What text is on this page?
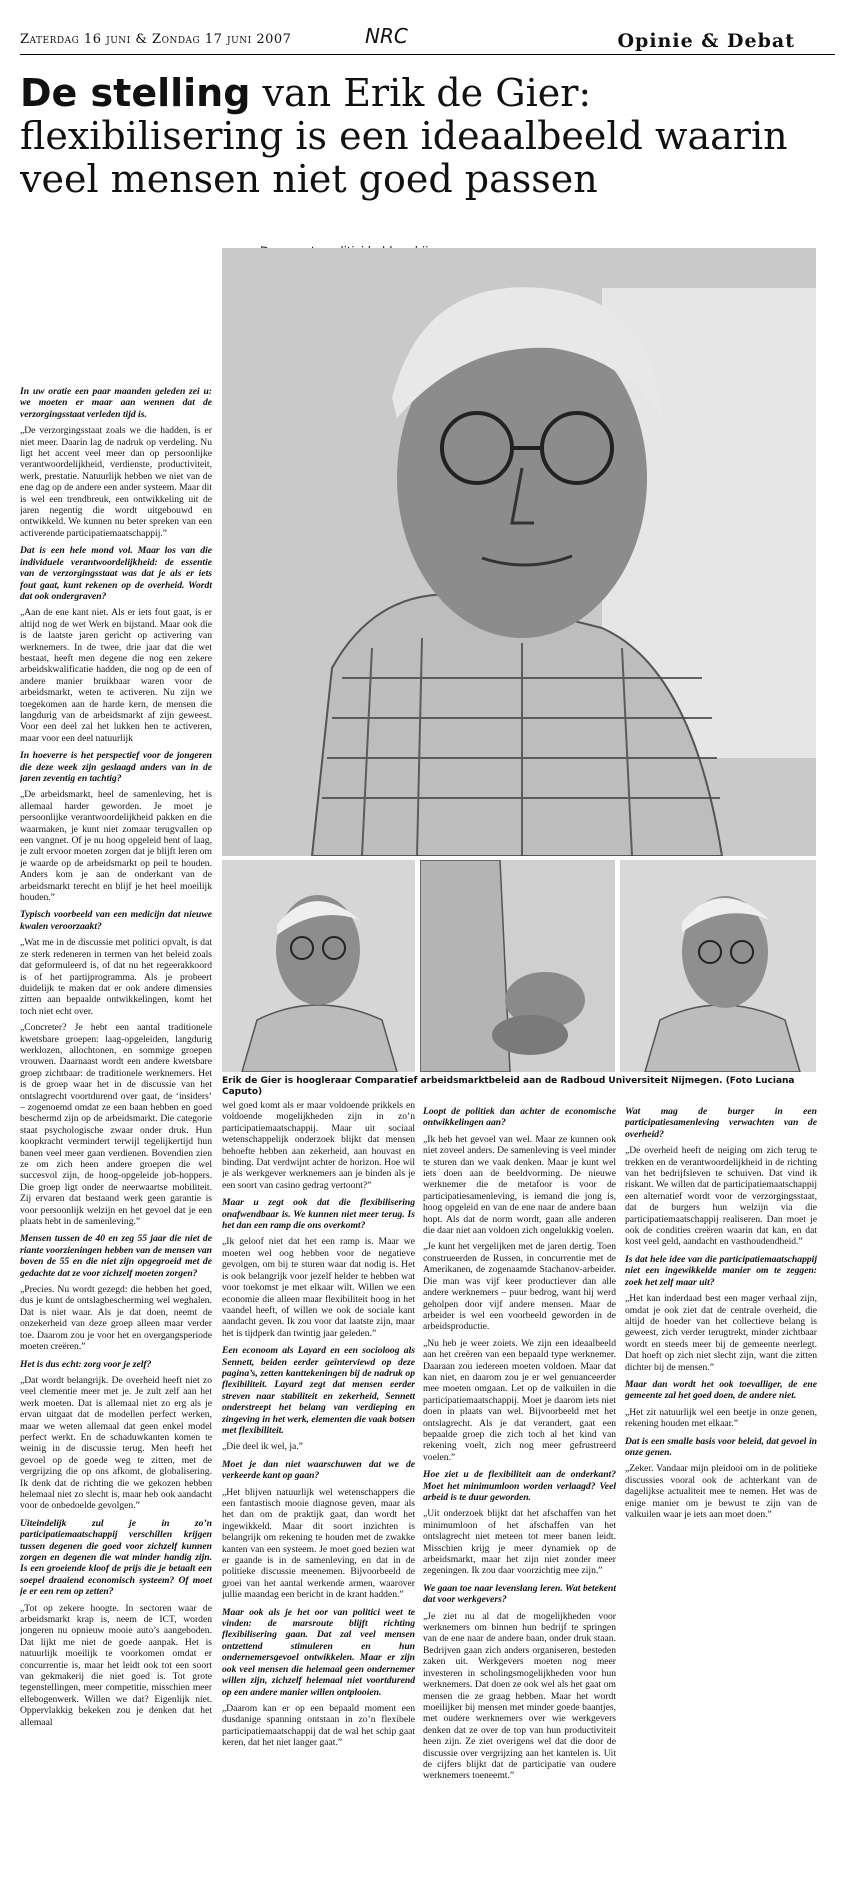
Zaterdag 16 juni & Zondag 17 juni 2007	NRC	Opinie & Debat
De stelling van Erik de Gier: flexibilisering is een ideaalbeeld waarin veel mensen niet goed passen
Erik de Gier is hoogleraar Comparatief arbeidsmarktbeleid aan de Radboud Universiteit Nijmegen. (Foto Luciana Caputo)

In uw oratie een paar maanden geleden zei u: we moeten er maar aan wennen dat de verzorgingsstaat verleden tijd is.

„De verzorgingsstaat zoals we die hadden, is er niet meer. Daarin lag de nadruk op verdeling. Nu ligt het accent veel meer dan op persoonlijke verantwoordelijkheid, verdienste, productiviteit, werk, prestatie. Natuurlijk hebben we niet van de ene dag op de andere een ander systeem. Maar dit is wel een trendbreuk, een ontwikkeling uit de jaren negentig die wordt uitgebouwd en ontwikkeld. We kunnen nu beter spreken van een activerende participatiemaatschappij.”

Dat is een hele mond vol. Maar los van die individuele verantwoordelijkheid: de essentie van de verzorgingsstaat was dat je als er iets fout gaat, kunt rekenen op de overheid. Wordt dat ook ondergraven?

„Aan de ene kant niet. Als er iets fout gaat, is er altijd nog de wet Werk en bijstand. Maar ook die is de laatste jaren gericht op activering van werknemers. In de twee, drie jaar dat die wet bestaat, heeft men degene die nog een zekere arbeidskwalificatie hadden, die nog op de een of andere manier bruikbaar waren voor de arbeidsmarkt, weten te activeren. Nu zijn we toegekomen aan de harde kern, de mensen die langdurig van de arbeidsmarkt af zijn geweest. Voor een deel zal het lukken hen te activeren, maar voor een deel natuurlijk

In hoeverre is het perspectief voor de jongeren die deze week zijn geslaagd anders van in de jaren zeventig en tachtig?

„De arbeidsmarkt, heel de samenleving, het is allemaal harder geworden. Je moet je persoonlijke verantwoordelijkheid pakken en die waarmaken, je kunt niet zomaar terugvallen op een vangnet. Of je nu hoog opgeleid bent of laag, je zult ervoor moeten zorgen dat je blijft leren om je waarde op de arbeidsmarkt op peil te houden. Anders kom je aan de onderkant van de arbeidsmarkt terecht en blijf je het heel moeilijk houden.”

Typisch voorbeeld van een medicijn dat nieuwe kwalen veroorzaakt?

„Wat me in de discussie met politici opvalt, is dat ze sterk redeneren in termen van het beleid zoals dat geformuleerd is, of dat nu het regeerakkoord is of het partijprogramma. Als je probeert duidelijk te maken dat er ook andere dimensies zitten aan bepaalde ontwikkelingen, komt het toch niet echt over.

„Concreter? Je hebt een aantal traditionele kwetsbare groepen: laag-opgeleiden, langdurig werklozen, allochtonen, en sommige groepen vrouwen. Daarnaast wordt een andere kwetsbare groep zichtbaar: de traditionele werknemers. Het is de groep waar het in de discussie van het ontslagrecht voortdurend over gaat, de ‘insiders’ – zogenoemd omdat ze een baan hebben en goed beschermd zijn op de arbeidsmarkt. Die categorie staat psychologische zwaar onder druk. Hun koopkracht vermindert terwijl tegelijkertijd hun banen veel meer gaan verdienen. Bovendien zien ze om zich heen andere groepen die wel succesvol zijn, de hoog-opgeleide job-hoppers. Die groep ligt onder de neerwaartse mobiliteit. Zij ervaren dat bestaand werk geen garantie is voor persoonlijk welzijn en het gevoel dat je een plaats hebt in de samenleving.”

Mensen tussen de 40 en zeg 55 jaar die niet de riante voorzieningen hebben van de mensen van boven de 55 en die niet zijn opgegroeid met de gedachte dat ze voor zichzelf moeten zorgen?

„Precies. Nu wordt gezegd: die hebben het goed, dus je kunt de ontslagbescherming wel weghalen. Dat is niet waar. Als je dat doen, neemt de onzekerheid van deze groep alleen maar verder toe. Daarom zou je voor het en overgangsperiode moeten creëren.”

Het is dus echt: zorg voor je zelf?

„Dat wordt belangrijk. De overheid heeft niet zo veel clementie meer met je. Je zult zelf aan het werk moeten. Dat is allemaal niet zo erg als je ervan uitgaat dat de modellen perfect werken, maar we weten allemaal dat geen enkel model perfect werkt. En de schaduwkanten komen te weinig in de discussie terug. Men heeft het gevoel op de goede weg te zitten, met de vergrijzing die op ons afkomt, de globalisering. Ik denk dat de richting die we gekozen hebben helemaal niet zo slecht is, maar heb ook aandacht voor de onbedoelde gevolgen.”

Uiteindelijk zul je in zo’n participatiemaatschappij verschillen krijgen tussen degenen die goed voor zichzelf kunnen zorgen en degenen die wat minder handig zijn. Is een groeiende kloof de prijs die je betaalt een soepel draaiend economisch systeem? Of moet je er een rem op zetten?

„Tot op zekere hoogte. In sectoren waar de arbeidsmarkt krap is, neem de ICT, worden jongeren nu opnieuw mooie auto’s aangeboden. Dat lijkt me niet de goede aanpak. Het is natuurlijk moeilijk te voorkomen omdat er concurrentie is, maar het leidt ook tot een soort van gekmakerij die niet goed is. Tot grote tegenstellingen, meer competitie, misschien meer ellebogenwerk. Willen we dat? Eigenlijk niet. Oppervlakkig bekeken zou je denken dat het allemaal

wel goed komt als er maar voldoende prikkels en voldoende mogelijkheden zijn in zo’n participatiemaatschappij. Maar uit sociaal wetenschappelijk onderzoek blijkt dat mensen behoefte hebben aan zekerheid, aan houvast en binding. Dat verdwijnt achter de horizon. Hoe wil je als werkgever werknemers aan je binden als je een soort van casino gedrag vertoont?”

Maar u zegt ook dat die flexibilisering onafwendbaar is. We kunnen niet meer terug. Is het dan een ramp die ons overkomt?

„Ik geloof niet dat het een ramp is. Maar we moeten wel oog hebben voor de negatieve gevolgen, om bij te sturen waar dat nodig is. Het is ook belangrijk voor jezelf helder te hebben wat voor toekomst je met elkaar wilt. Willen we een economie die alleen maar flexibiliteit hoog in het vaandel heeft, of willen we ook de sociale kant aandacht geven. Ik zou voor dat laatste zijn, maar het is tijdperk dan twintig jaar geleden.”

Een econoom als Layard en een socioloog als Sennett, beiden eerder geïnterviewd op deze pagina’s, zetten kanttekeningen bij de nadruk op flexibiliteit. Layard zegt dat mensen eerder streven naar stabiliteit en zekerheid, Sennett onderstreept het belang van verdieping en zingeving in het werk, elementen die vaak botsen met flexibiliteit.

„Die deel ik wel, ja.”

Moet je dan niet waarschuwen dat we de verkeerde kant op gaan?

„Het blijven natuurlijk wel wetenschappers die een fantastisch mooie diagnose geven, maar als het dan om de praktijk gaat, dan wordt het ingewikkeld. Maar dit soort inzichten is belangrijk om rekening te houden met de zwakke kanten van een systeem. Je moet goed bezien wat er gaande is in de samenleving, en dat in de politieke discussie meenemen. Bijvoorbeeld de groei van het aantal werkende armen, waarover jullie maandag een bericht in de krant hadden.”

Maar ook als je het oor van politici weet te vinden: de marsroute blijft richting flexibilisering gaan. Dat zal veel mensen ontzettend stimuleren en hun ondernemersgevoel ontwikkelen. Maar er zijn ook veel mensen die helemaal geen ondernemer willen zijn, zichzelf helemaal niet voortdurend op een andere manier willen ontplooien.

„Daarom kan er op een bepaald moment een dusdanige spanning ontstaan in zo’n flexibele participatiemaatschappij dat de wal het schip gaat keren, dat het niet langer gaat.”

Loopt de politiek dan achter de economische ontwikkelingen aan?

„Ik heb het gevoel van wel. Maar ze kunnen ook niet zoveel anders. De samenleving is veel minder te sturen dan we vaak denken. Maar je kunt wel iets doen aan de beeldvorming. De nieuwe werknemer die de metafoor is voor de participatiesamenleving, is iemand die jong is, hoog opgeleid en van de ene naar de andere baan hopt. Als dat de norm wordt, gaan alle anderen die daar niet aan voldoen zich ongelukkig voelen.

„Je kunt het vergelijken met de jaren dertig. Toen construeerden de Russen, in concurrentie met de Amerikanen, de zogenaamde Stachanov-arbeider. Die man was vijf keer productiever dan alle andere werknemers – puur bedrog, want hij werd geholpen door vijf andere mensen. Maar de arbeider is wel een voorbeeld geworden in de arbeidsproductie.

„Nu heb je weer zoiets. We zijn een ideaalbeeld aan het creëren van een bepaald type werknemer. Daaraan zou iedereen moeten voldoen. Maar dat kan niet, en daarom zou je er wel genuanceerder mee moeten omgaan. Let op de valkuilen in die participatiemaatschappij. Moet je daarom iets niet doen in plaats van wel. Bijvoorbeeld met het ontslagrecht. Als je dat verandert, gaat een bepaalde groep die zich toch al het kind van rekening voelt, zich nog meer gefrustreerd voelen.”

Hoe ziet u de flexibiliteit aan de onderkant? Moet het minimumloon worden verlaagd? Veel arbeid is te duur geworden.

„Uit onderzoek blijkt dat het afschaffen van het minimumloon of het afschaffen van het ontslagrecht niet meteen tot meer banen leidt. Misschien krijg je meer dynamiek op de arbeidsmarkt, maar het zijn niet zonder meer zegeningen. Ik zou daar voorzichtig mee zijn.”

We gaan toe naar levenslang leren. Wat betekent dat voor werkgevers?

„Je ziet nu al dat de mogelijkheden voor werknemers om binnen hun bedrijf te springen van de ene naar de andere baan, onder druk staan. Bedrijven gaan zich anders organiseren, besteden zaken uit. Werkgevers moeten nog meer investeren in scholingsmogelijkheden voor hun werknemers. Dat doen ze ook wel als het gaat om mensen die ze graag hebben. Maar het wordt moeilijker bij mensen met minder goede baantjes, met oudere werknemers over wie werkgevers denken dat ze over de top van hun productiviteit heen zijn. Ze ziet overigens wel dat die door de discussie over vergrijzing aan het kantelen is. Uit de cijfers blijkt dat de participatie van oudere werknemers toeneemt.”

Wat mag de burger in een participatiesamenleving verwachten van de overheid?

„De overheid heeft de neiging om zich terug te trekken en de verantwoordelijkheid in de richting van het bedrijfsleven te schuiven. Dat vind ik riskant. We willen dat de participatiemaatschappij een alternatief wordt voor de verzorgingsstaat, dat de burgers hun welzijn via die participatiemaatschappij realiseren. Dan moet je ook de condities creëren waarin dat kan, en dat kost veel geld, aandacht en vasthoudendheid.”

Is dat hele idee van die participatiemaatschappij niet een ingewikkelde manier om te zeggen: zoek het zelf maar uit?

„Het kan inderdaad best een mager verhaal zijn, omdat je ook ziet dat de centrale overheid, die altijd de hoeder van het collectieve belang is geweest, zich verder terugtrekt, minder zichtbaar wordt en steeds meer bij de gemeente neerlegt. Dat hoeft op zich niet slecht zijn, want die zitten dichter bij de mensen.”

Maar dan wordt het ook toevalliger, de ene gemeente zal het goed doen, de andere niet.

„Het zit natuurlijk wel een beetje in onze genen, rekening houden met elkaar.”

Dat is een smalle basis voor beleid, dat gevoel in onze genen.

„Zeker. Vandaar mijn pleidooi om in de politieke discussies vooral ook de achterkant van de dagelijkse actualiteit mee te nemen. Het was de enige manier om je bewust te zijn van de valkuilen waar je iets aan moet doen.”
